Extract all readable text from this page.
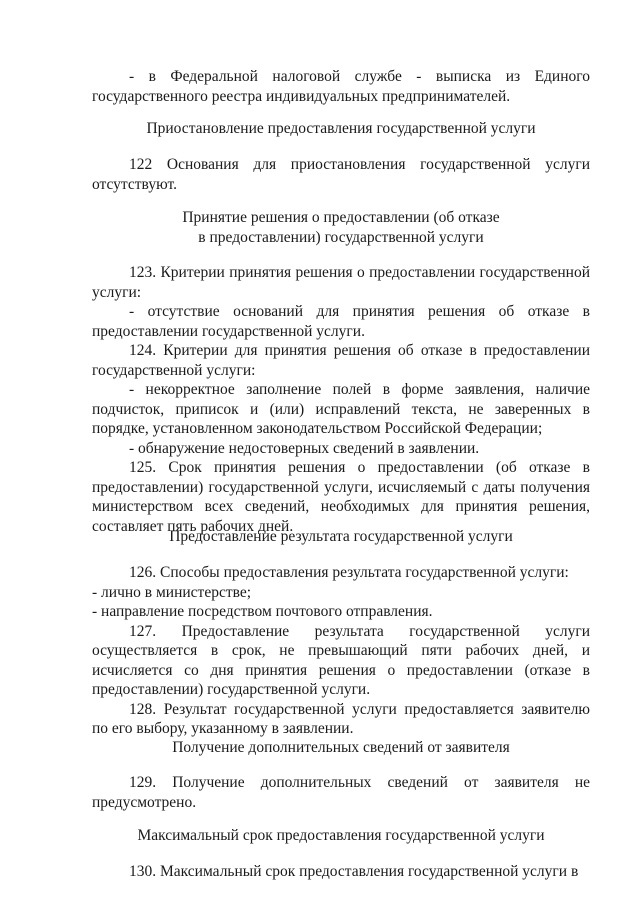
- в Федеральной налоговой службе - выписка из Единого государственного реестра индивидуальных предпринимателей.

Приостановление предоставления государственной услуги

122 Основания для приостановления государственной услуги отсутствуют.

Принятие решения о предоставлении (об отказе
в предоставлении) государственной услуги

123. Критерии принятия решения о предоставлении государственной услуги:

- отсутствие оснований для принятия решения об отказе в предоставлении государственной услуги.

124. Критерии для принятия решения об отказе в предоставлении государственной услуги:

- некорректное заполнение полей в форме заявления, наличие подчисток, приписок и (или) исправлений текста, не заверенных в порядке, установленном законодательством Российской Федерации;

- обнаружение недостоверных сведений в заявлении.

125. Срок принятия решения о предоставлении (об отказе в предоставлении) государственной услуги, исчисляемый с даты получения министерством всех сведений, необходимых для принятия решения, составляет пять рабочих дней.

Предоставление результата государственной услуги

126. Способы предоставления результата государственной услуги:

- лично в министерстве;

- направление посредством почтового отправления.

127. Предоставление результата государственной услуги осуществляется в срок, не превышающий пяти рабочих дней, и исчисляется со дня принятия решения о предоставлении (отказе в предоставлении) государственной услуги.

128. Результат государственной услуги предоставляется заявителю по его выбору, указанному в заявлении.

Получение дополнительных сведений от заявителя

129. Получение дополнительных сведений от заявителя не предусмотрено.

Максимальный срок предоставления государственной услуги

130. Максимальный срок предоставления государственной услуги в
